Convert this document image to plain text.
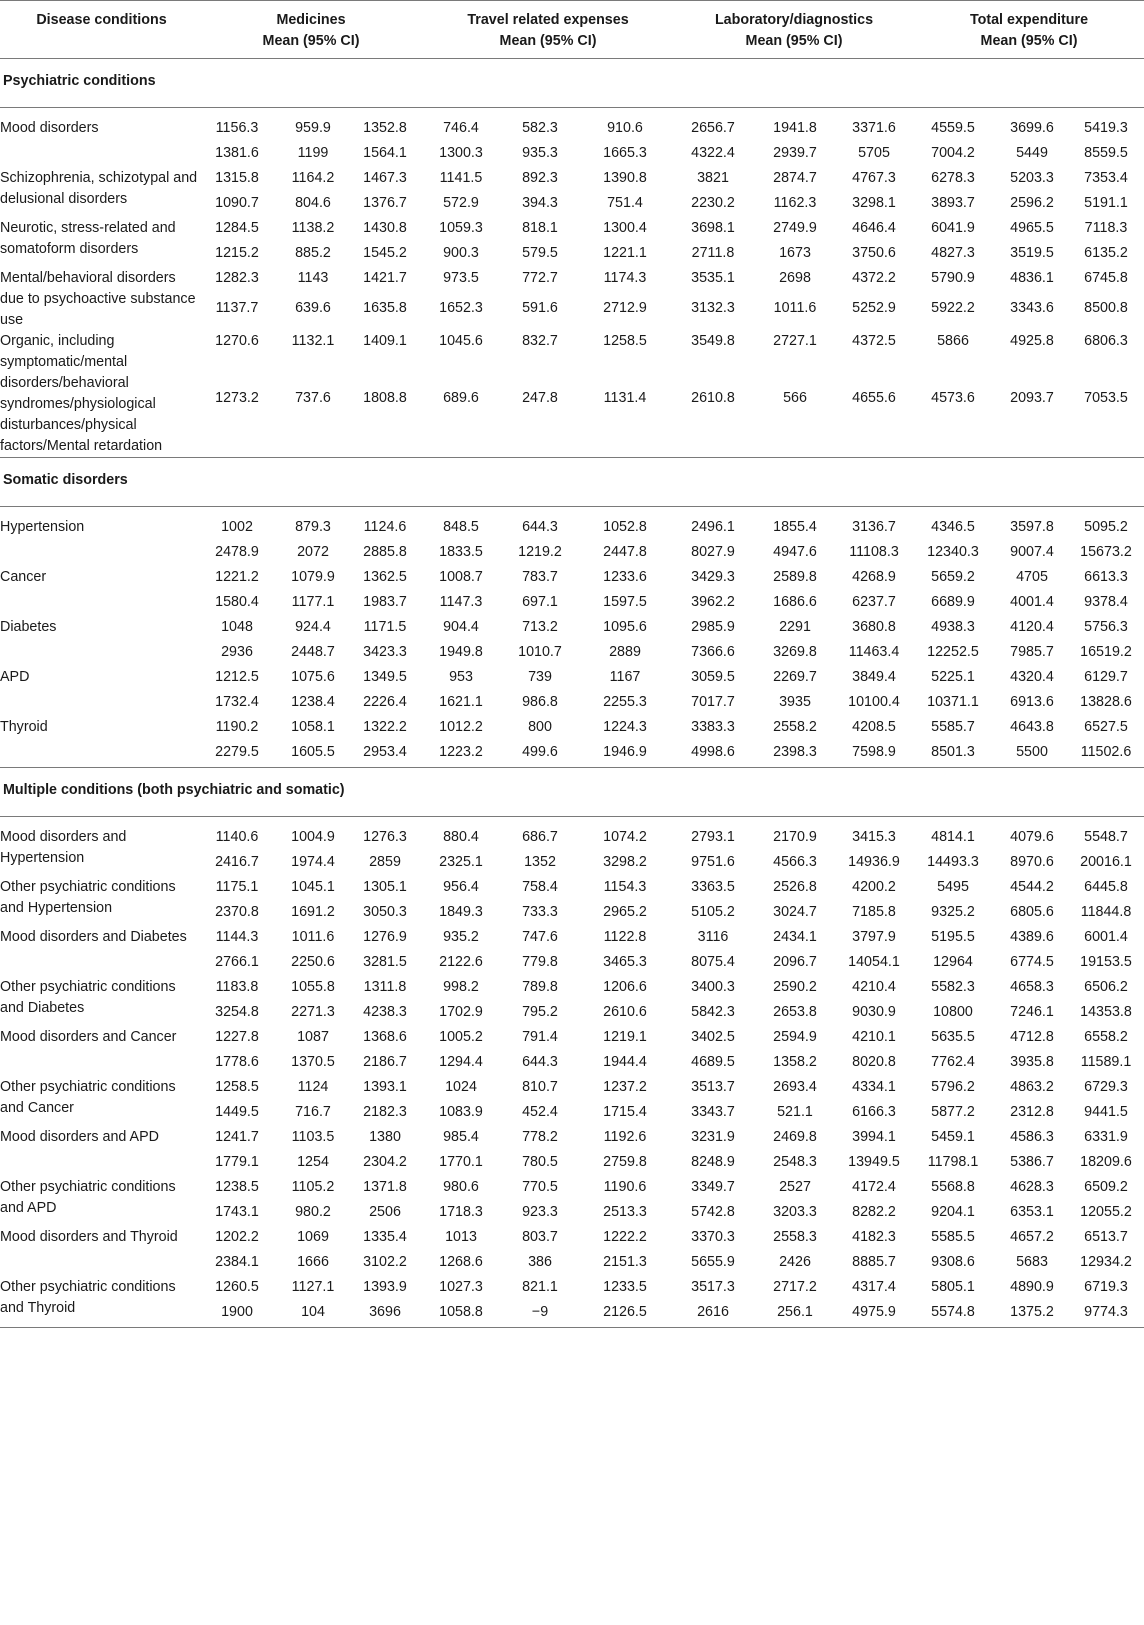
Disease conditions	Medicines			Travel related expenses			Laboratory/diagnostics			Total expenditure		
	Mean (95% CI)			Mean (95% CI)			Mean (95% CI)			Mean (95% CI)		
Psychiatric conditions												

Mood disorders	1156.3	959.9	1352.8	746.4	582.3	910.6	2656.7	1941.8	3371.6	4559.5	3699.6	5419.3
	1381.6	1199	1564.1	1300.3	935.3	1665.3	4322.4	2939.7	5705	7004.2	5449	8559.5
Schizophrenia, schizotypal and delusional disorders	1315.8	1164.2	1467.3	1141.5	892.3	1390.8	3821	2874.7	4767.3	6278.3	5203.3	7353.4
	1090.7	804.6	1376.7	572.9	394.3	751.4	2230.2	1162.3	3298.1	3893.7	2596.2	5191.1
Neurotic, stress-related and somatoform disorders	1284.5	1138.2	1430.8	1059.3	818.1	1300.4	3698.1	2749.9	4646.4	6041.9	4965.5	7118.3
	1215.2	885.2	1545.2	900.3	579.5	1221.1	2711.8	1673	3750.6	4827.3	3519.5	6135.2
Mental/behavioral disorders due to psychoactive substance use	1282.3	1143	1421.7	973.5	772.7	1174.3	3535.1	2698	4372.2	5790.9	4836.1	6745.8
	1137.7	639.6	1635.8	1652.3	591.6	2712.9	3132.3	1011.6	5252.9	5922.2	3343.6	8500.8
Organic, including symptomatic/mental disorders/behavioral syndromes/physiological disturbances/physical factors/Mental retardation	1270.6	1132.1	1409.1	1045.6	832.7	1258.5	3549.8	2727.1	4372.5	5866	4925.8	6806.3
	1273.2	737.6	1808.8	689.6	247.8	1131.4	2610.8	566	4655.6	4573.6	2093.7	7053.5
Somatic disorders												

Hypertension	1002	879.3	1124.6	848.5	644.3	1052.8	2496.1	1855.4	3136.7	4346.5	3597.8	5095.2
	2478.9	2072	2885.8	1833.5	1219.2	2447.8	8027.9	4947.6	11108.3	12340.3	9007.4	15673.2
Cancer	1221.2	1079.9	1362.5	1008.7	783.7	1233.6	3429.3	2589.8	4268.9	5659.2	4705	6613.3
	1580.4	1177.1	1983.7	1147.3	697.1	1597.5	3962.2	1686.6	6237.7	6689.9	4001.4	9378.4
Diabetes	1048	924.4	1171.5	904.4	713.2	1095.6	2985.9	2291	3680.8	4938.3	4120.4	5756.3
	2936	2448.7	3423.3	1949.8	1010.7	2889	7366.6	3269.8	11463.4	12252.5	7985.7	16519.2
APD	1212.5	1075.6	1349.5	953	739	1167	3059.5	2269.7	3849.4	5225.1	4320.4	6129.7
	1732.4	1238.4	2226.4	1621.1	986.8	2255.3	7017.7	3935	10100.4	10371.1	6913.6	13828.6
Thyroid	1190.2	1058.1	1322.2	1012.2	800	1224.3	3383.3	2558.2	4208.5	5585.7	4643.8	6527.5
	2279.5	1605.5	2953.4	1223.2	499.6	1946.9	4998.6	2398.3	7598.9	8501.3	5500	11502.6
Multiple conditions (both psychiatric and somatic)												

Mood disorders and Hypertension	1140.6	1004.9	1276.3	880.4	686.7	1074.2	2793.1	2170.9	3415.3	4814.1	4079.6	5548.7
	2416.7	1974.4	2859	2325.1	1352	3298.2	9751.6	4566.3	14936.9	14493.3	8970.6	20016.1
Other psychiatric conditions and Hypertension	1175.1	1045.1	1305.1	956.4	758.4	1154.3	3363.5	2526.8	4200.2	5495	4544.2	6445.8
	2370.8	1691.2	3050.3	1849.3	733.3	2965.2	5105.2	3024.7	7185.8	9325.2	6805.6	11844.8
Mood disorders and Diabetes	1144.3	1011.6	1276.9	935.2	747.6	1122.8	3116	2434.1	3797.9	5195.5	4389.6	6001.4
	2766.1	2250.6	3281.5	2122.6	779.8	3465.3	8075.4	2096.7	14054.1	12964	6774.5	19153.5
Other psychiatric conditions and Diabetes	1183.8	1055.8	1311.8	998.2	789.8	1206.6	3400.3	2590.2	4210.4	5582.3	4658.3	6506.2
	3254.8	2271.3	4238.3	1702.9	795.2	2610.6	5842.3	2653.8	9030.9	10800	7246.1	14353.8
Mood disorders and Cancer	1227.8	1087	1368.6	1005.2	791.4	1219.1	3402.5	2594.9	4210.1	5635.5	4712.8	6558.2
	1778.6	1370.5	2186.7	1294.4	644.3	1944.4	4689.5	1358.2	8020.8	7762.4	3935.8	11589.1
Other psychiatric conditions and Cancer	1258.5	1124	1393.1	1024	810.7	1237.2	3513.7	2693.4	4334.1	5796.2	4863.2	6729.3
	1449.5	716.7	2182.3	1083.9	452.4	1715.4	3343.7	521.1	6166.3	5877.2	2312.8	9441.5
Mood disorders and APD	1241.7	1103.5	1380	985.4	778.2	1192.6	3231.9	2469.8	3994.1	5459.1	4586.3	6331.9
	1779.1	1254	2304.2	1770.1	780.5	2759.8	8248.9	2548.3	13949.5	11798.1	5386.7	18209.6
Other psychiatric conditions and APD	1238.5	1105.2	1371.8	980.6	770.5	1190.6	3349.7	2527	4172.4	5568.8	4628.3	6509.2
	1743.1	980.2	2506	1718.3	923.3	2513.3	5742.8	3203.3	8282.2	9204.1	6353.1	12055.2
Mood disorders and Thyroid	1202.2	1069	1335.4	1013	803.7	1222.2	3370.3	2558.3	4182.3	5585.5	4657.2	6513.7
	2384.1	1666	3102.2	1268.6	386	2151.3	5655.9	2426	8885.7	9308.6	5683	12934.2
Other psychiatric conditions and Thyroid	1260.5	1127.1	1393.9	1027.3	821.1	1233.5	3517.3	2717.2	4317.4	5805.1	4890.9	6719.3
	1900	104	3696	1058.8	−9	2126.5	2616	256.1	4975.9	5574.8	1375.2	9774.3
